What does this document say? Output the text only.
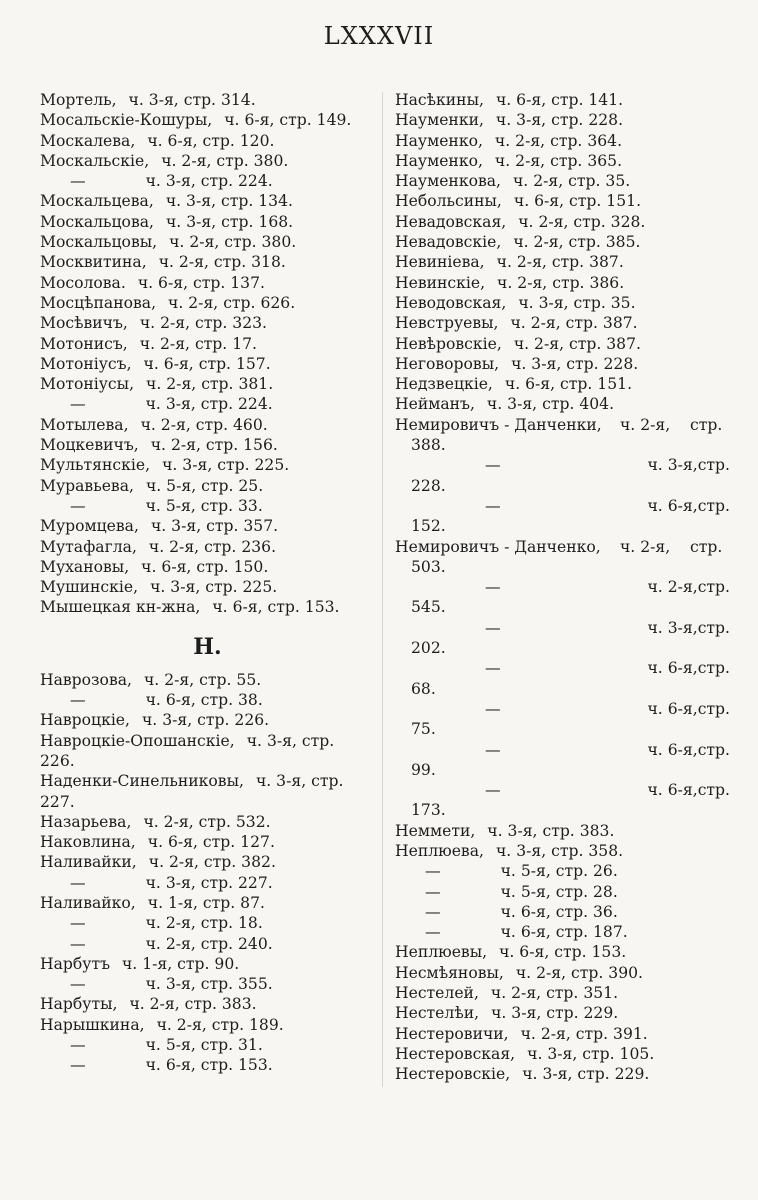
LXXXVII
Мортель, ч. 3-я, стр. 314.
Мосальскіе-Кошуры, ч. 6-я, стр. 149.
Москалева, ч. 6-я, стр. 120.
Москальскіе, ч. 2-я, стр. 380.
—	ч. 3-я, стр. 224.
Москальцева, ч. 3-я, стр. 134.
Москальцова, ч. 3-я, стр. 168.
Москальцовы, ч. 2-я, стр. 380.
Москвитина, ч. 2-я, стр. 318.
Мосолова. ч. 6-я, стр. 137.
Мосцѣпанова, ч. 2-я, стр. 626.
Мосѣвичъ, ч. 2-я, стр. 323.
Мотонисъ, ч. 2-я, стр. 17.
Мотоніусъ, ч. 6-я, стр. 157.
Мотоніусы, ч. 2-я, стр. 381.
—	ч. 3-я, стр. 224.
Мотылева, ч. 2-я, стр. 460.
Моцкевичъ, ч. 2-я, стр. 156.
Мультянскіе, ч. 3-я, стр. 225.
Муравьева, ч. 5-я, стр. 25.
—	ч. 5-я, стр. 33.
Муромцева, ч. 3-я, стр. 357.
Мутафагла, ч. 2-я, стр. 236.
Мухановы, ч. 6-я, стр. 150.
Мушинскіе, ч. 3-я, стр. 225.
Мышецкая кн-жна, ч. 6-я, стр. 153.
Н.
Наврозова, ч. 2-я, стр. 55.
—	ч. 6-я, стр. 38.
Навроцкіе, ч. 3-я, стр. 226.
Навроцкіе-Опошанскіе, ч. 3-я, стр.
226.
Наденки-Синельниковы, ч. 3-я, стр.
227.
Назарьева, ч. 2-я, стр. 532.
Наковлина, ч. 6-я, стр. 127.
Наливайки, ч. 2-я, стр. 382.
—	ч. 3-я, стр. 227.
Наливайко, ч. 1-я, стр. 87.
—	ч. 2-я, стр. 18.
—	ч. 2-я, стр. 240.
Нарбутъ ч. 1-я, стр. 90.
—	ч. 3-я, стр. 355.
Нарбуты, ч. 2-я, стр. 383.
Нарышкина, ч. 2-я, стр. 189.
—	ч. 5-я, стр. 31.
—	ч. 6-я, стр. 153.
Насѣкины, ч. 6-я, стр. 141.
Науменки, ч. 3-я, стр. 228.
Науменко, ч. 2-я, стр. 364.
Науменко, ч. 2-я, стр. 365.
Науменкова, ч. 2-я, стр. 35.
Небольсины, ч. 6-я, стр. 151.
Невадовская, ч. 2-я, стр. 328.
Невадовскіе, ч. 2-я, стр. 385.
Невиніева, ч. 2-я, стр. 387.
Невинскіе, ч. 2-я, стр. 386.
Неводовская, ч. 3-я, стр. 35.
Невструевы, ч. 2-я, стр. 387.
Невѣровскіе, ч. 2-я, стр. 387.
Неговоровы, ч. 3-я, стр. 228.
Недзвецкіе, ч. 6-я, стр. 151.
Нейманъ, ч. 3-я, стр. 404.
Немировичъ - Данченки,	ч. 2-я,	стр.
388.
—	ч. 3-я, стр.
228.
—	ч. 6-я, стр.
152.
Немировичъ - Данченко,	ч. 2-я,	стр.
503.
—	ч. 2-я, стр.
545.
—	ч. 3-я, стр.
202.
—	ч. 6-я, стр.
68.
—	ч. 6-я, стр.
75.
—	ч. 6-я, стр.
99.
—	ч. 6-я, стр.
173.
Неммети, ч. 3-я, стр. 383.
Неплюева, ч. 3-я, стр. 358.
—	ч. 5-я, стр. 26.
—	ч. 5-я, стр. 28.
—	ч. 6-я, стр. 36.
—	ч. 6-я, стр. 187.
Неплюевы, ч. 6-я, стр. 153.
Несмѣяновы, ч. 2-я, стр. 390.
Нестелей, ч. 2-я, стр. 351.
Нестелѣи, ч. 3-я, стр. 229.
Нестеровичи, ч. 2-я, стр. 391.
Нестеровская, ч. 3-я, стр. 105.
Нестеровскіе, ч. 3-я, стр. 229.
